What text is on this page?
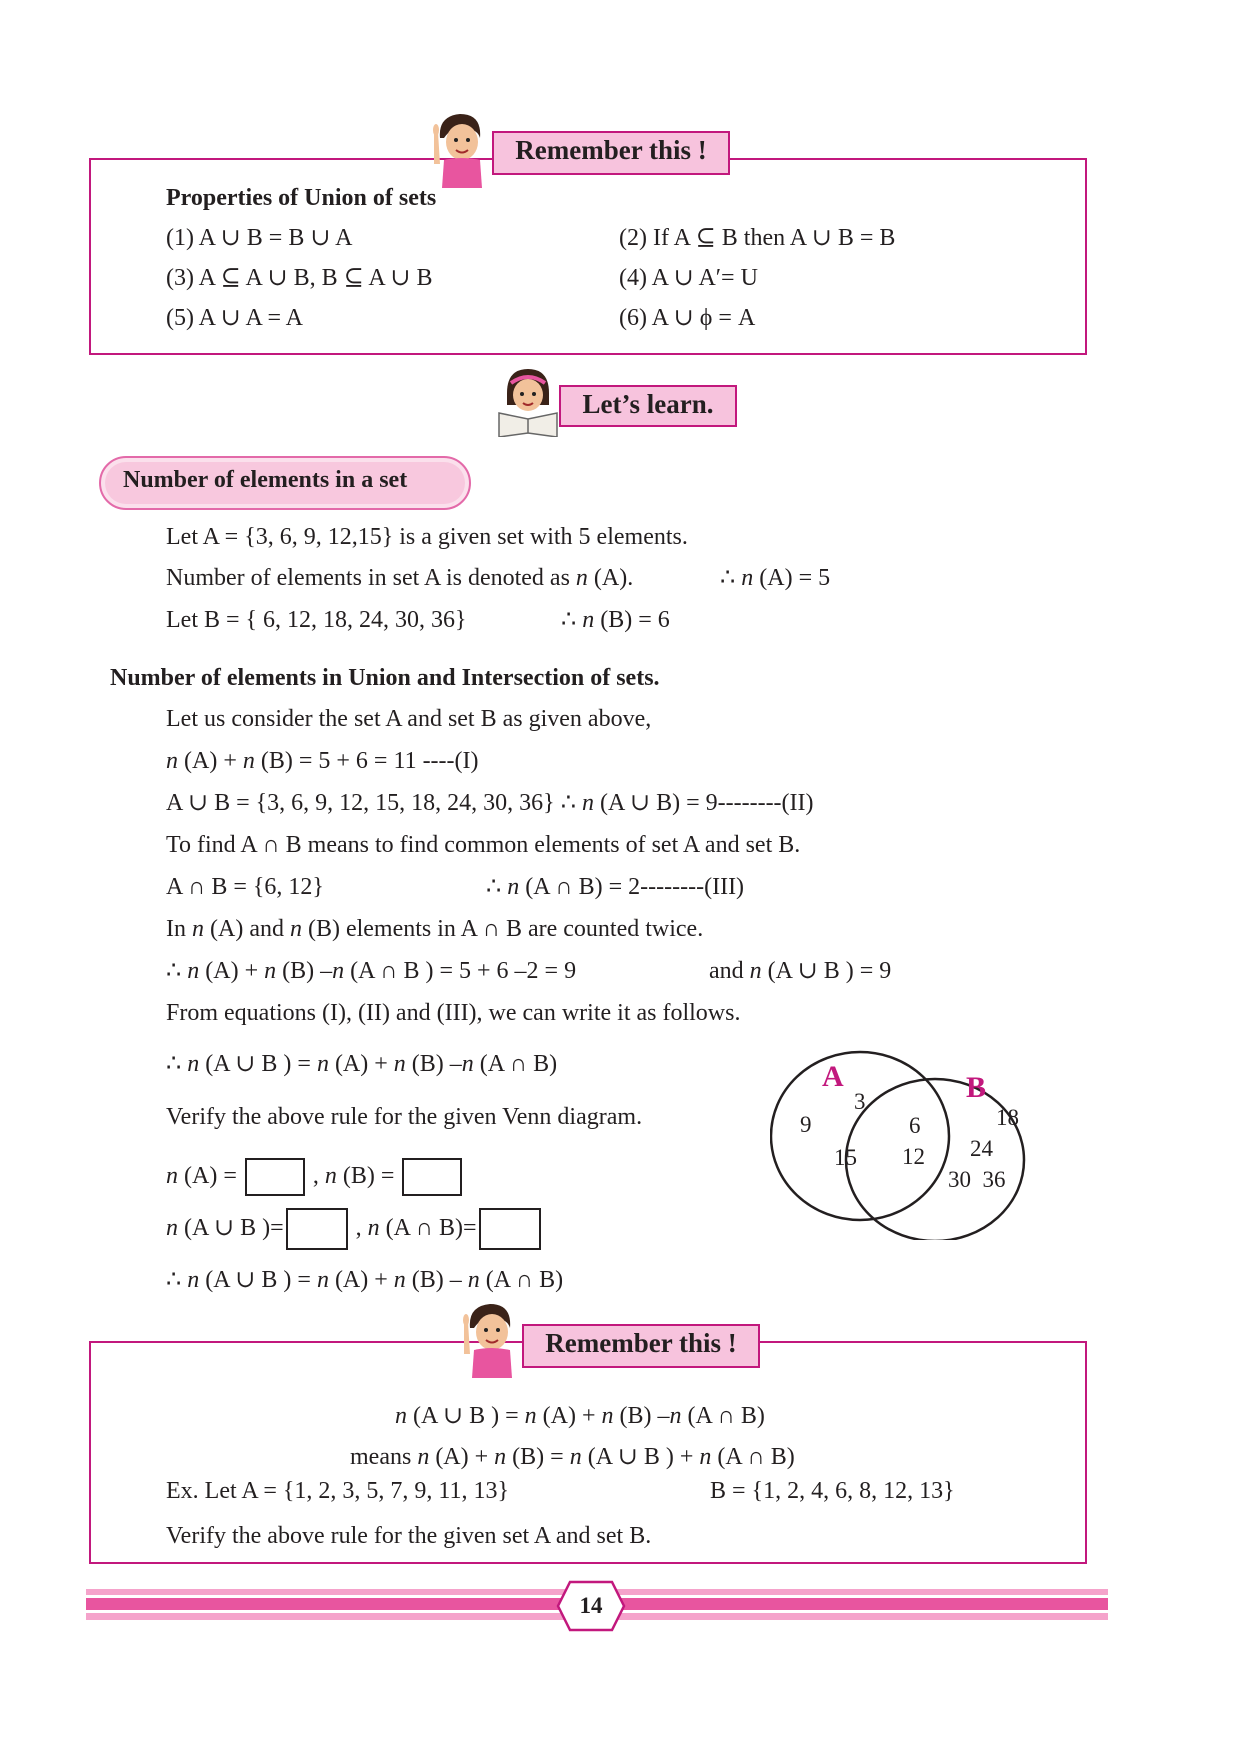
Remember this !
Properties of Union of sets
(1) A ∪ B = B ∪ A	(2) If A ⊆ B then A ∪ B = B
(3) A ⊆ A ∪ B, B ⊆ A ∪ B	(4) A ∪ A′= U
(5) A ∪ A = A	(6) A ∪ ϕ = A
Let’s learn.
Number of elements in a set
Let A = {3, 6, 9, 12,15} is a given set with 5 elements.
Number of elements in set A is denoted as n (A).	∴ n (A) = 5
Let B = { 6, 12, 18, 24, 30, 36}	∴ n (B) = 6
Number of elements in Union and Intersection of sets.
Let us consider the set A and set B as given above,
n (A) + n (B) = 5 + 6 = 11 ----(I)
A ∪ B = {3, 6, 9, 12, 15, 18, 24, 30, 36} ∴ n (A ∪ B) = 9--------(II)
To find A ∩ B means to find common elements of set A and set B.
A ∩ B = {6, 12}	∴ n (A ∩ B) = 2--------(III)
In n (A) and n (B) elements in A ∩ B are counted twice.
∴ n (A) + n (B) –n (A ∩ B ) = 5 + 6 –2 = 9	and n (A ∪ B ) = 9
From equations (I), (II) and (III), we can write it as follows.
∴ n (A ∪ B ) = n (A) + n (B) –n (A ∩ B)
Verify the above rule for the given Venn diagram.
n (A) =	, n (B) =
n (A ∪ B )=	, n (A ∩ B)=
∴ n (A ∪ B ) = n (A) + n (B) – n (A ∩ B)
A	B
3
9
15
6
12
18
24
30  36
Remember this !
n (A ∪ B ) = n (A) + n (B) –n (A ∩ B)
means n (A) + n (B) = n (A ∪ B ) + n (A ∩ B)
Ex. Let A = {1, 2, 3, 5, 7, 9, 11, 13}	B = {1, 2, 4, 6, 8, 12, 13}
Verify the above rule for the given set A and set B.
14
